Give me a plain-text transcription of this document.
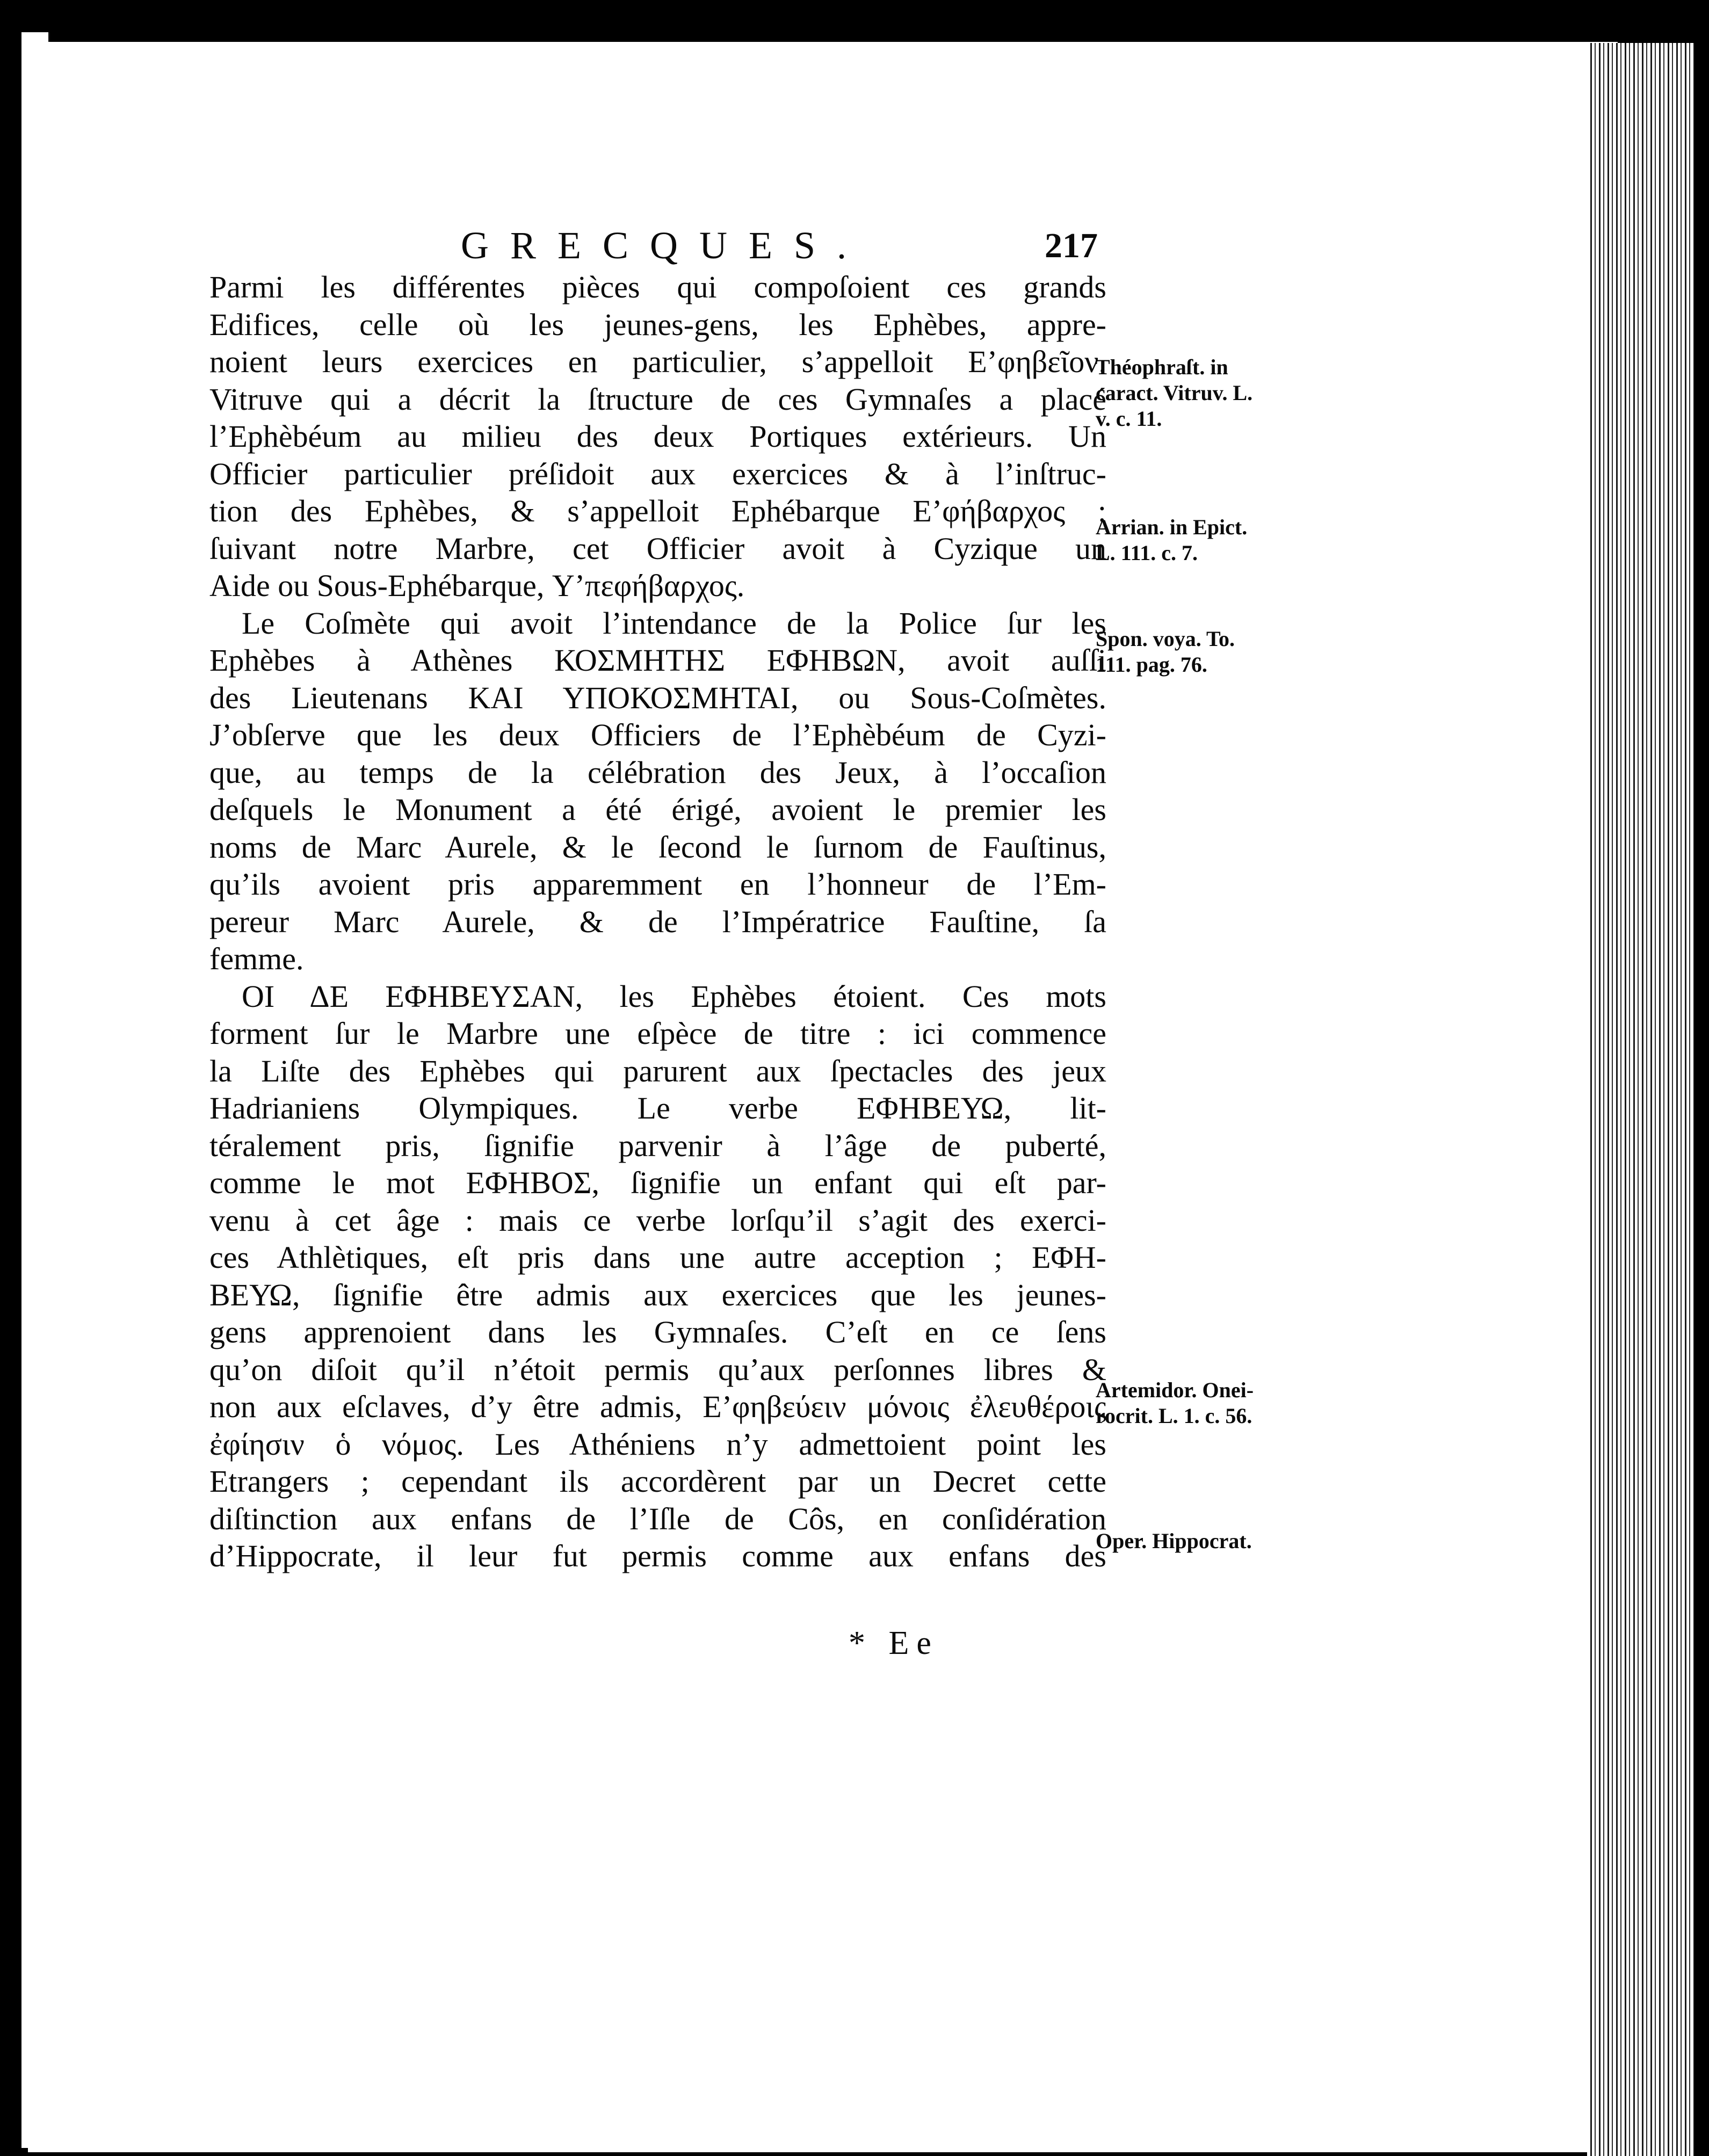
GRECQUES.	217

Parmi les différentes pièces qui compoſoient ces grands
Edifices, celle où les jeunes-gens, les Ephèbes, appre-
noient leurs exercices en particulier, s’appelloit Ε’φηβεῖον.
Vitruve qui a décrit la ſtructure de ces Gymnaſes a placé
l’Ephèbéum au milieu des deux Portiques extérieurs. Un
Officier particulier préſidoit aux exercices & à l’inſtruc-
tion des Ephèbes, & s’appelloit Ephébarque Ε’φήβαρχος :
ſuivant notre Marbre, cet Officier avoit à Cyzique un
Aide ou Sous-Ephébarque, Υ’πεφήβαρχος.

Le Coſmète qui avoit l’intendance de la Police ſur les
Ephèbes à Athènes ΚΟΣΜΗΤΗΣ ΕΦΗΒΩΝ, avoit auſſi
des Lieutenans ΚΑΙ ΥΠΟΚΟΣΜΗΤΑΙ, ou Sous-Coſmètes.
J’obſerve que les deux Officiers de l’Ephèbéum de Cyzi-
que, au temps de la célébration des Jeux, à l’occaſion
deſquels le Monument a été érigé, avoient le premier les
noms de Marc Aurele, & le ſecond le ſurnom de Fauſtinus,
qu’ils avoient pris apparemment en l’honneur de l’Em-
pereur Marc Aurele, & de l’Impératrice Fauſtine, ſa
femme.

ΟΙ ΔΕ ΕΦΗΒΕΥΣΑΝ, les Ephèbes étoient. Ces mots
forment ſur le Marbre une eſpèce de titre : ici commence
la Liſte des Ephèbes qui parurent aux ſpectacles des jeux
Hadrianiens Olympiques. Le verbe ΕΦΗΒΕΥΩ, lit-
téralement pris, ſignifie parvenir à l’âge de puberté,
comme le mot ΕΦΗΒΟΣ, ſignifie un enfant qui eſt par-
venu à cet âge : mais ce verbe lorſqu’il s’agit des exerci-
ces Athlètiques, eſt pris dans une autre acception ; ΕΦΗ-
ΒΕΥΩ, ſignifie être admis aux exercices que les jeunes-
gens apprenoient dans les Gymnaſes. C’eſt en ce ſens
qu’on diſoit qu’il n’étoit permis qu’aux perſonnes libres &
non aux eſclaves, d’y être admis, Ε’φηβεύειν μόνοις ἐλευθέροις
ἐφίησιν ὁ νόμος. Les Athéniens n’y admettoient point les
Etrangers ; cependant ils accordèrent par un Decret cette
diſtinction aux enfans de l’Iſle de Côs, en conſidération
d’Hippocrate, il leur fut permis comme aux enfans des

Théophraſt. in
caract. Vitruv. L.
v. c. 11.
Arrian. in Epict.
L. 111. c. 7.
Spon. voya. To.
111. pag. 76.
Artemidor. Onei-
rocrit. L. 1. c. 56.
Oper. Hippocrat.
* Ee
